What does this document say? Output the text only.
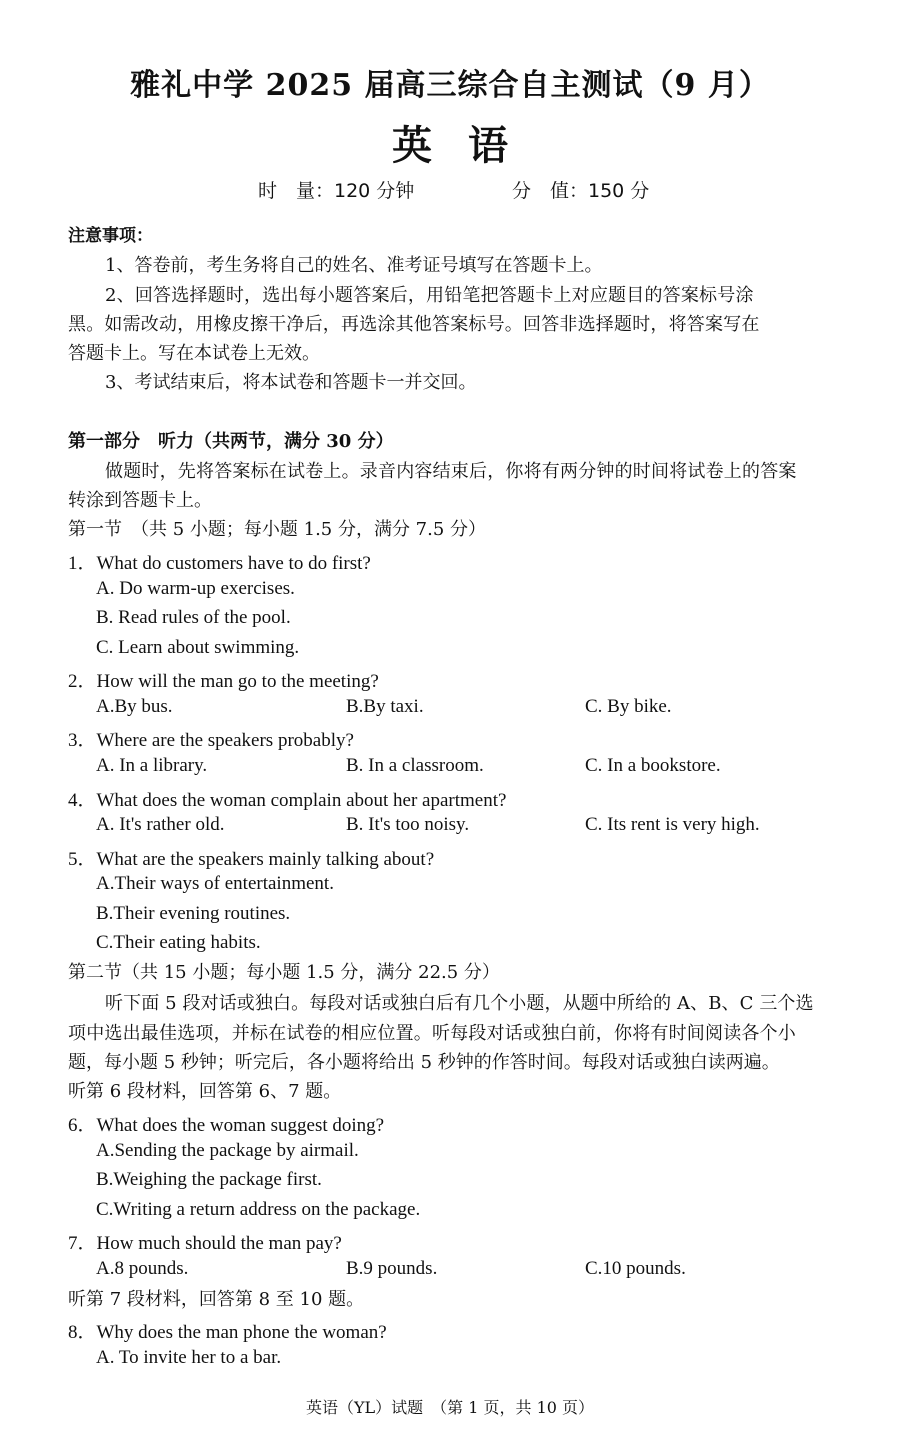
雅礼中学 2025 届高三综合自主测试（9 月）
英语
时　量：120 分钟	分　值：150 分
注意事项：
1、答卷前，考生务将自己的姓名、准考证号填写在答题卡上。
2、回答选择题时，选出每小题答案后，用铅笔把答题卡上对应题目的答案标号涂
黑。如需改动，用橡皮擦干净后，再选涂其他答案标号。回答非选择题时，将答案写在
答题卡上。写在本试卷上无效。
3、考试结束后，将本试卷和答题卡一并交回。
第一部分　听力（共两节，满分 30 分）
做题时，先将答案标在试卷上。录音内容结束后，你将有两分钟的时间将试卷上的答案
转涂到答题卡上。
第一节　（共 5 小题；每小题 1.5 分，满分 7.5 分）
1．What do customers have to do first?
A. Do warm-up exercises.
B. Read rules of the pool.
C. Learn about swimming.
2．How will the man go to the meeting?
A.By bus.	B.By taxi.	C. By bike.
3．Where are the speakers probably?
A. In a library.	B. In a classroom.	C. In a bookstore.
4．What does the woman complain about her apartment?
A. It's rather old.	B. It's too noisy.	C. Its rent is very high.
5．What are the speakers mainly talking about?
A.Their ways of entertainment.
B.Their evening routines.
C.Their eating habits.
第二节（共 15 小题；每小题 1.5 分，满分 22.5 分）
听下面 5 段对话或独白。每段对话或独白后有几个小题，从题中所给的 A、B、C 三个选
项中选出最佳选项，并标在试卷的相应位置。听每段对话或独白前，你将有时间阅读各个小
题，每小题 5 秒钟；听完后，各小题将给出 5 秒钟的作答时间。每段对话或独白读两遍。
听第 6 段材料，回答第 6、7 题。
6．What does the woman suggest doing?
A.Sending the package by airmail.
B.Weighing the package first.
C.Writing a return address on the package.
7．How much should the man pay?
A.8 pounds.	B.9 pounds.	C.10 pounds.
听第 7 段材料，回答第 8 至 10 题。
8．Why does the man phone the woman?
A. To invite her to a bar.
英语（YL）试题　（第 1 页，共 10 页）
